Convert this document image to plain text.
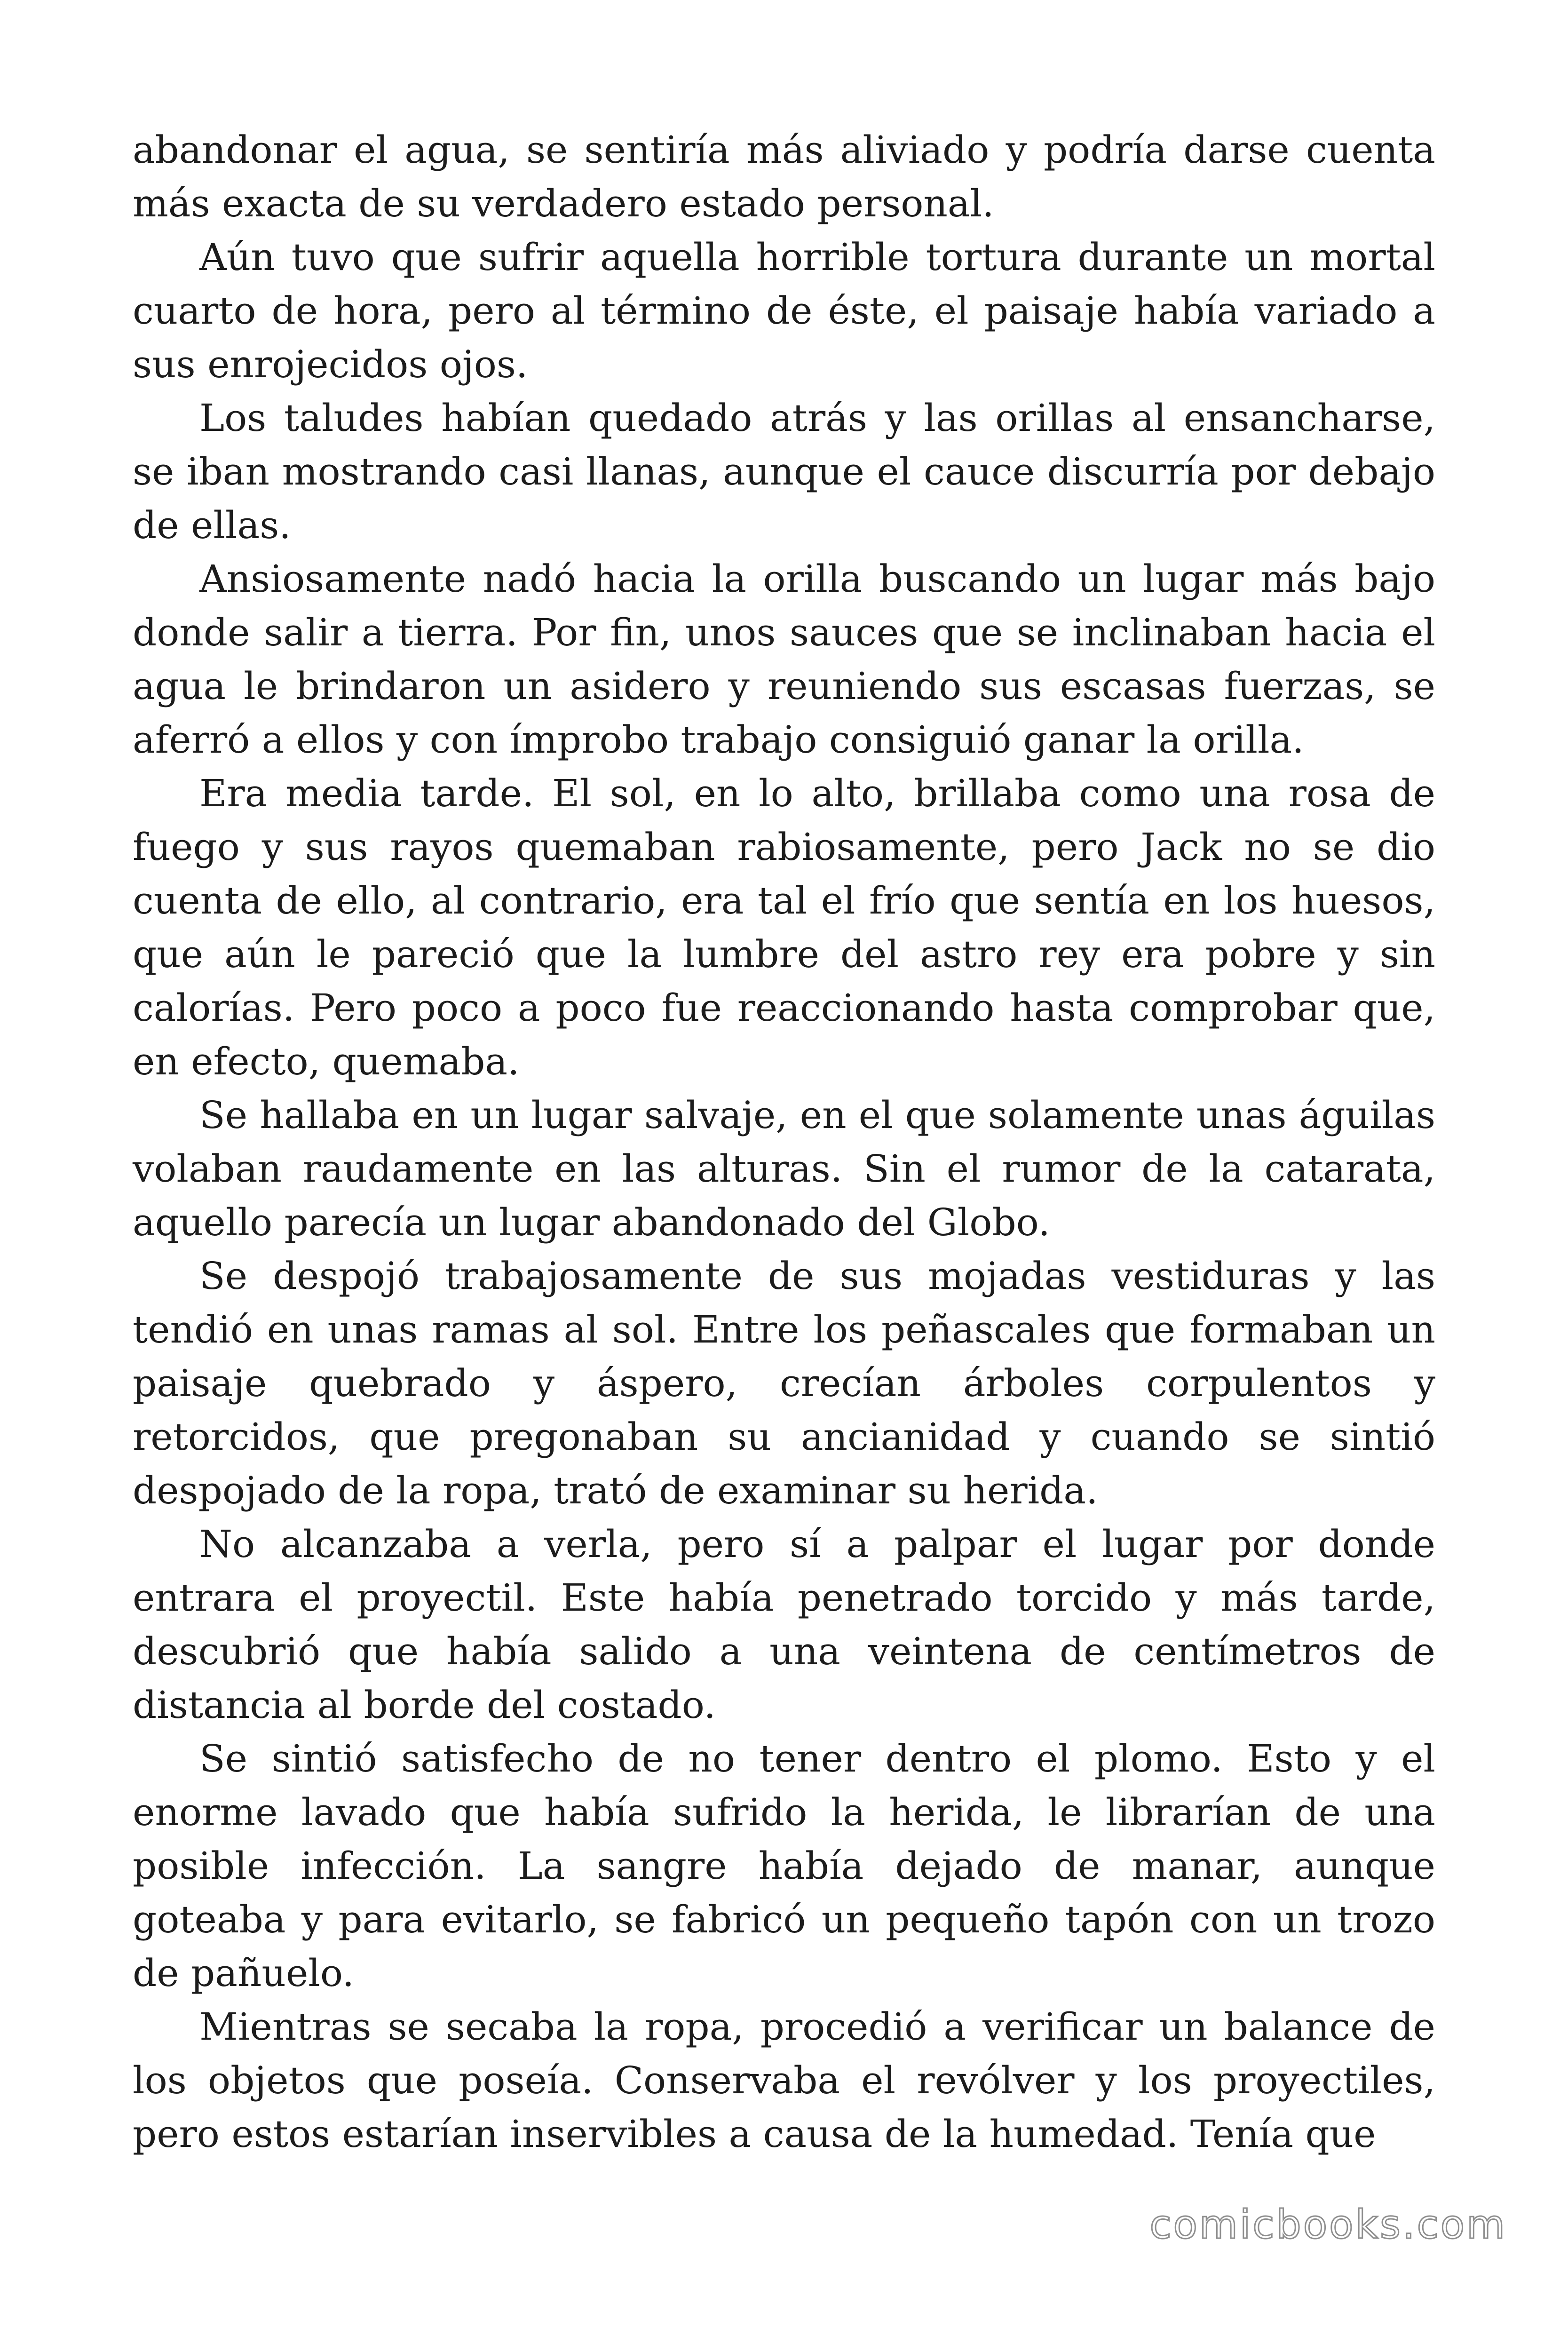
abandonar el agua, se sentiría más aliviado y podría darse cuenta más exacta de su verdadero estado personal.

Aún tuvo que sufrir aquella horrible tortura durante un mortal cuarto de hora, pero al término de éste, el paisaje había variado a sus enrojecidos ojos.

Los taludes habían quedado atrás y las orillas al ensancharse, se iban mostrando casi llanas, aunque el cauce discurría por debajo de ellas.

Ansiosamente nadó hacia la orilla buscando un lugar más bajo donde salir a tierra. Por fin, unos sauces que se inclinaban hacia el agua le brindaron un asidero y reuniendo sus escasas fuerzas, se aferró a ellos y con ímprobo trabajo consiguió ganar la orilla.

Era media tarde. El sol, en lo alto, brillaba como una rosa de fuego y sus rayos quemaban rabiosamente, pero Jack no se dio cuenta de ello, al contrario, era tal el frío que sentía en los huesos, que aún le pareció que la lumbre del astro rey era pobre y sin calorías. Pero poco a poco fue reaccionando hasta comprobar que, en efecto, quemaba.

Se hallaba en un lugar salvaje, en el que solamente unas águilas volaban raudamente en las alturas. Sin el rumor de la catarata, aquello parecía un lugar abandonado del Globo.

Se despojó trabajosamente de sus mojadas vestiduras y las tendió en unas ramas al sol. Entre los peñascales que formaban un paisaje quebrado y áspero, crecían árboles corpulentos y retorcidos, que pregonaban su ancianidad y cuando se sintió despojado de la ropa, trató de examinar su herida.

No alcanzaba a verla, pero sí a palpar el lugar por donde entrara el proyectil. Este había penetrado torcido y más tarde, descubrió que había salido a una veintena de centímetros de distancia al borde del costado.

Se sintió satisfecho de no tener dentro el plomo. Esto y el enorme lavado que había sufrido la herida, le librarían de una posible infección. La sangre había dejado de manar, aunque goteaba y para evitarlo, se fabricó un pequeño tapón con un trozo de pañuelo.

Mientras se secaba la ropa, procedió a verificar un balance de los objetos que poseía. Conservaba el revólver y los proyectiles, pero estos estarían inservibles a causa de la humedad. Tenía que

comicbooks.com
